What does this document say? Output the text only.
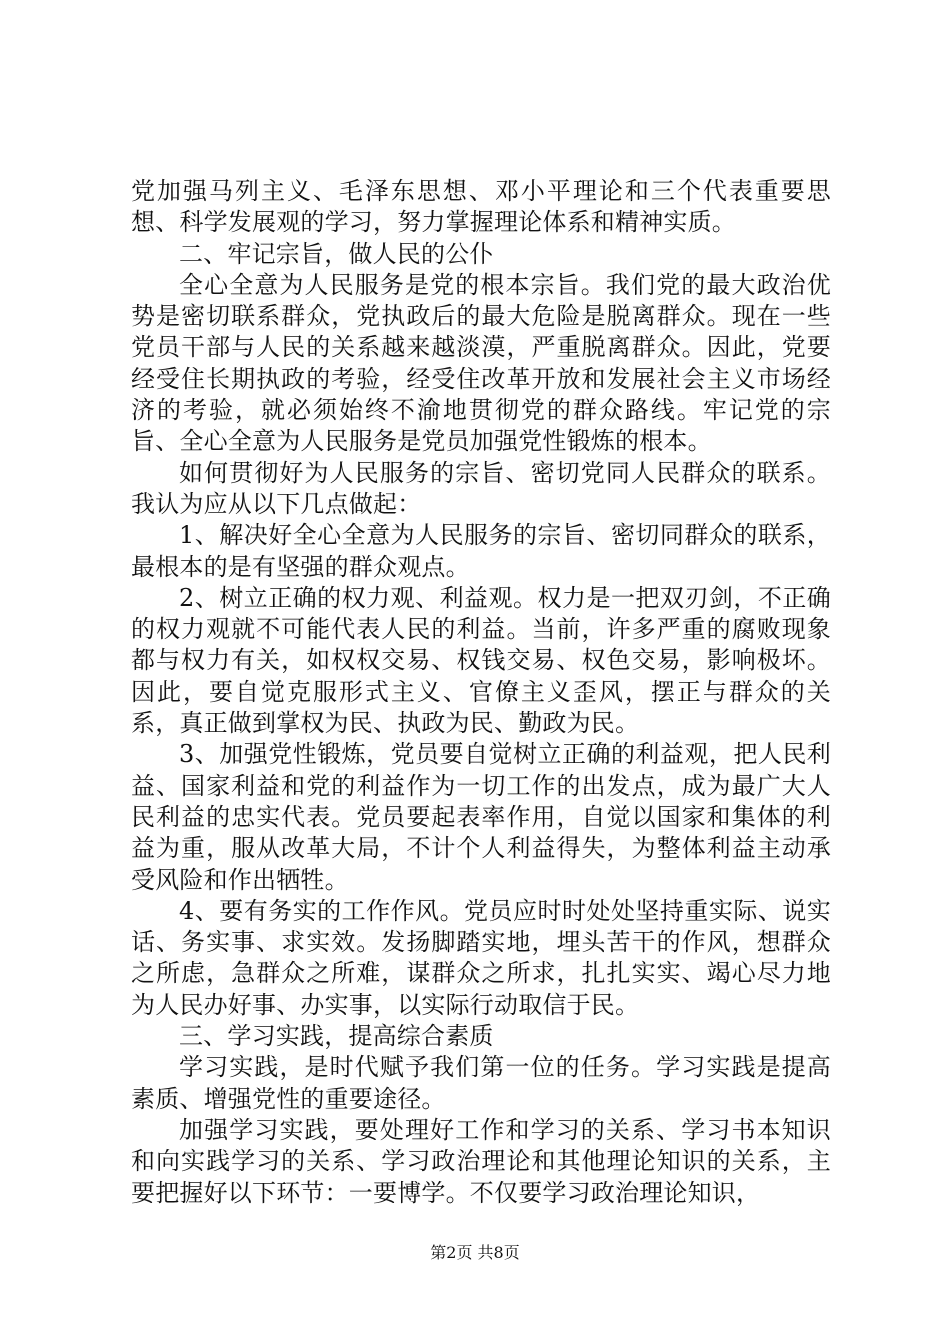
党加强马列主义、毛泽东思想、邓小平理论和三个代表重要思想、科学发展观的学习，努力掌握理论体系和精神实质。

二、牢记宗旨，做人民的公仆

全心全意为人民服务是党的根本宗旨。我们党的最大政治优势是密切联系群众，党执政后的最大危险是脱离群众。现在一些党员干部与人民的关系越来越淡漠，严重脱离群众。因此，党要经受住长期执政的考验，经受住改革开放和发展社会主义市场经济的考验，就必须始终不渝地贯彻党的群众路线。牢记党的宗旨、全心全意为人民服务是党员加强党性锻炼的根本。

如何贯彻好为人民服务的宗旨、密切党同人民群众的联系。我认为应从以下几点做起：

1、解决好全心全意为人民服务的宗旨、密切同群众的联系，最根本的是有坚强的群众观点。

2、树立正确的权力观、利益观。权力是一把双刃剑，不正确的权力观就不可能代表人民的利益。当前，许多严重的腐败现象都与权力有关，如权权交易、权钱交易、权色交易，影响极坏。因此，要自觉克服形式主义、官僚主义歪风，摆正与群众的关系，真正做到掌权为民、执政为民、勤政为民。

3、加强党性锻炼，党员要自觉树立正确的利益观，把人民利益、国家利益和党的利益作为一切工作的出发点，成为最广大人民利益的忠实代表。党员要起表率作用，自觉以国家和集体的利益为重，服从改革大局，不计个人利益得失，为整体利益主动承受风险和作出牺牲。

4、要有务实的工作作风。党员应时时处处坚持重实际、说实话、务实事、求实效。发扬脚踏实地，埋头苦干的作风，想群众之所虑，急群众之所难，谋群众之所求，扎扎实实、竭心尽力地为人民办好事、办实事，以实际行动取信于民。

三、学习实践，提高综合素质

学习实践，是时代赋予我们第一位的任务。学习实践是提高素质、增强党性的重要途径。

加强学习实践，要处理好工作和学习的关系、学习书本知识和向实践学习的关系、学习政治理论和其他理论知识的关系，主要把握好以下环节：一要博学。不仅要学习政治理论知识，

第2页 共8页
